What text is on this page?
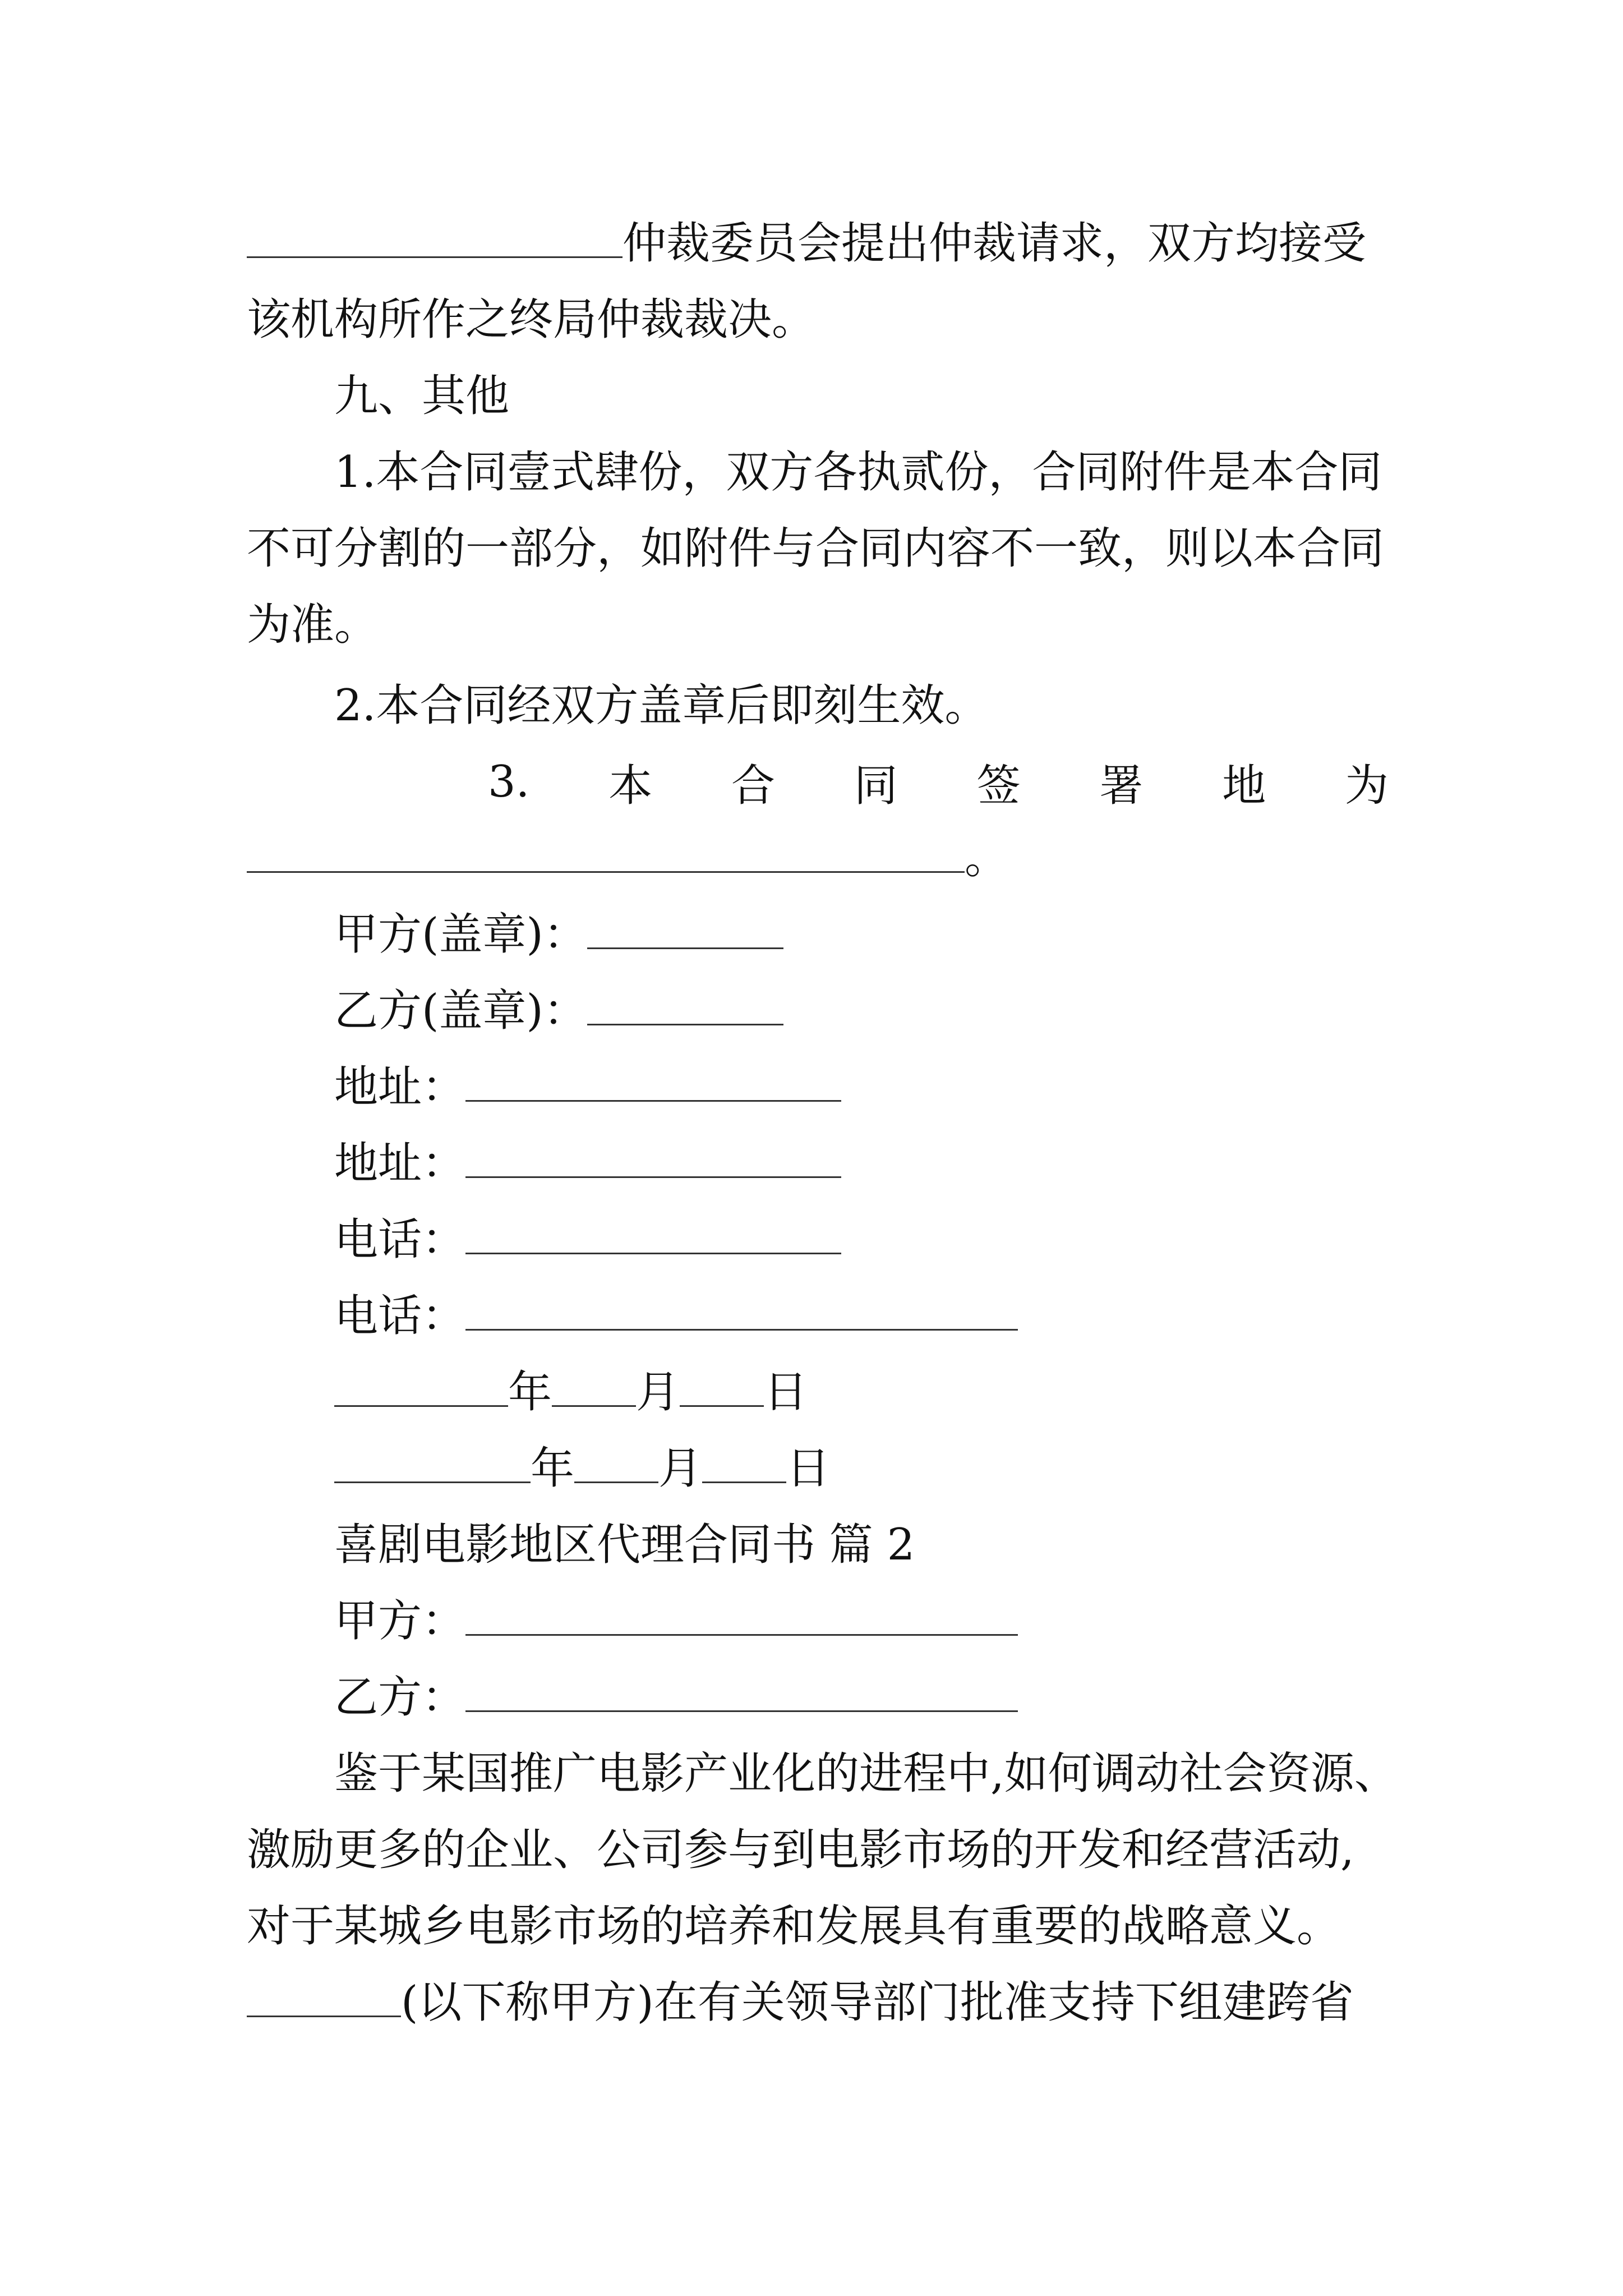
仲裁委员会提出仲裁请求，双方均接受
该机构所作之终局仲裁裁决。
九、其他
1.本合同壹式肆份，双方各执贰份，合同附件是本合同
不可分割的一部分，如附件与合同内容不一致，则以本合同
为准。
2.本合同经双方盖章后即刻生效。
3. 本 合 同 签 署 地 为
。
甲方(盖章)：
乙方(盖章)：
地址：
地址：
电话：
电话：
年 月 日
年 月 日
喜剧电影地区代理合同书 篇 2
甲方：
乙方：
鉴于某国推广电影产业化的进程中,如何调动社会资源、
激励更多的企业、公司参与到电影市场的开发和经营活动,
对于某城乡电影市场的培养和发展具有重要的战略意义。
(以下称甲方)在有关领导部门批准支持下组建跨省
